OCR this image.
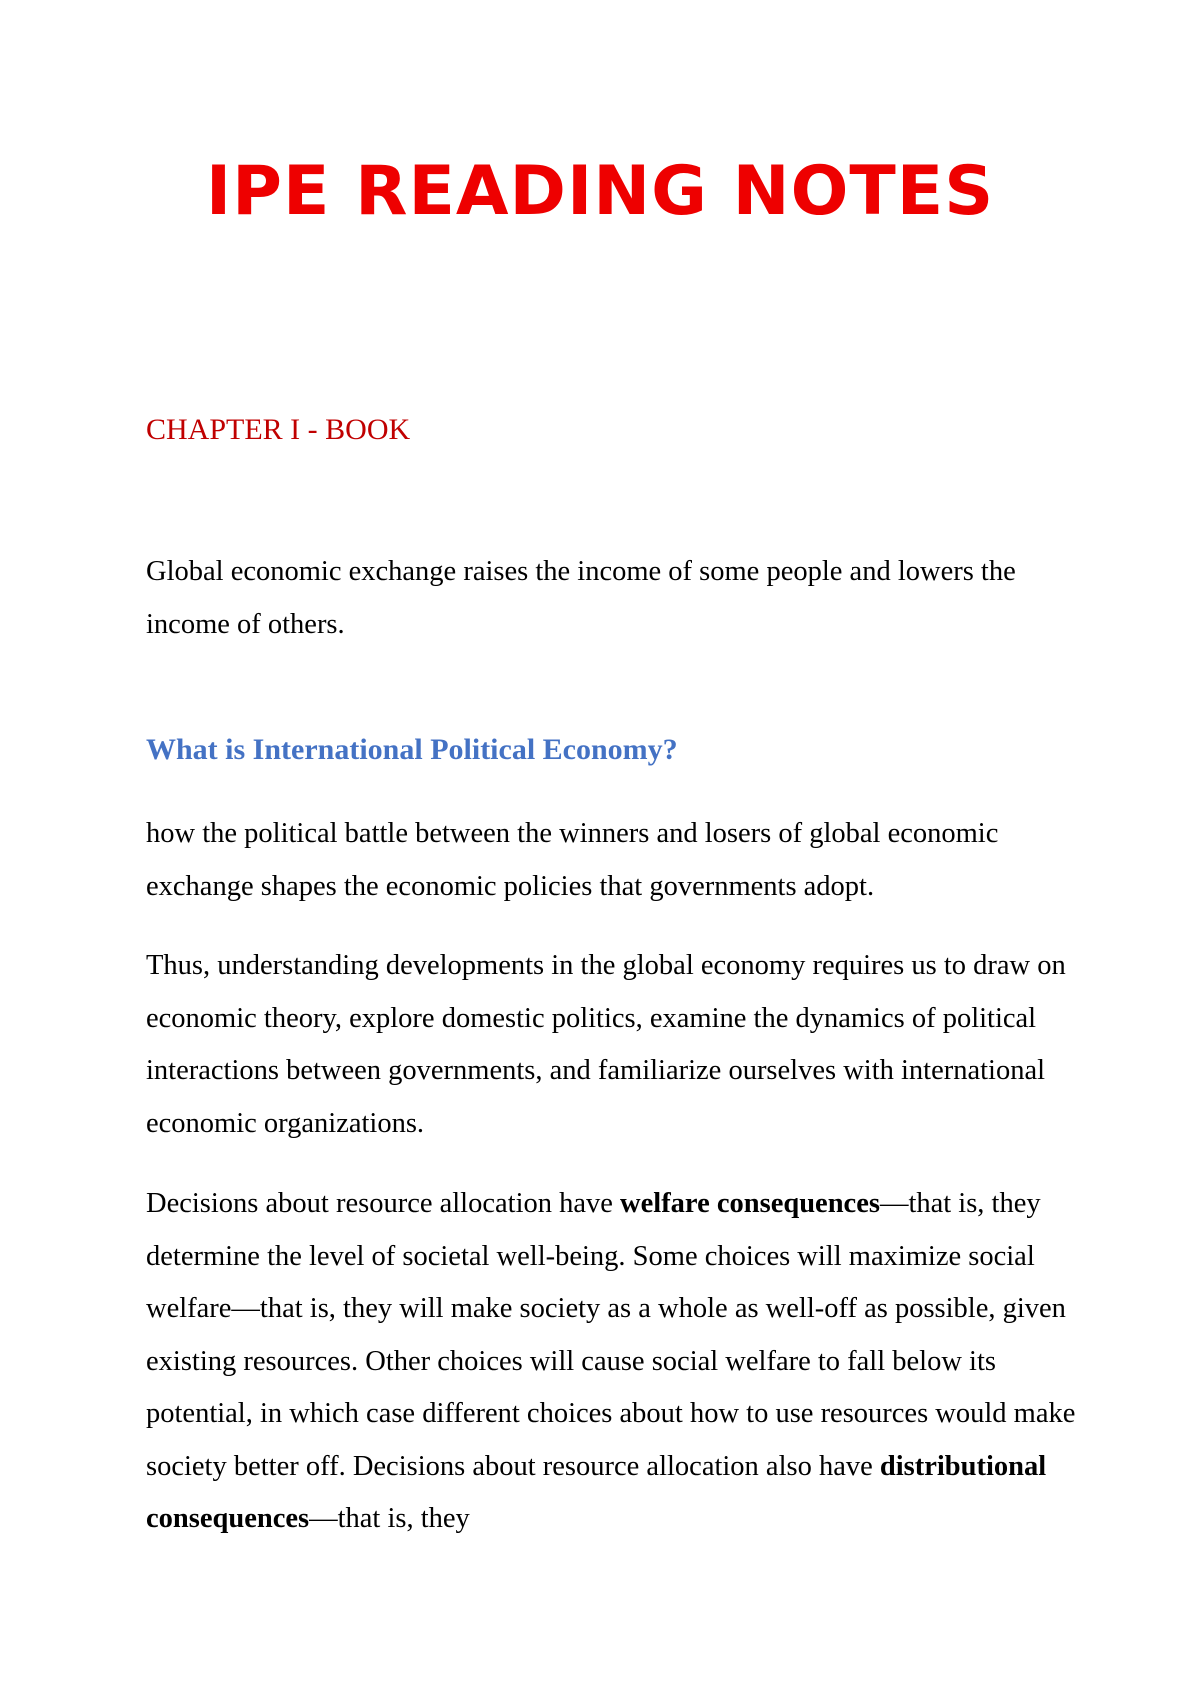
IPE READING NOTES
CHAPTER I - BOOK

Global economic exchange raises the income of some people and lowers the income of others.

What is International Political Economy?

how the political battle between the winners and losers of global economic exchange shapes the economic policies that governments adopt.

Thus, understanding developments in the global economy requires us to draw on economic theory, explore domestic politics, examine the dynamics of political interactions between governments, and familiarize ourselves with international economic organizations.

Decisions about resource allocation have welfare consequences—that is, they determine the level of societal well-being. Some choices will maximize social welfare—that is, they will make society as a whole as well-off as possible, given existing resources. Other choices will cause social welfare to fall below its potential, in which case different choices about how to use resources would make society better off. Decisions about resource allocation also have distributional consequences—that is, they
